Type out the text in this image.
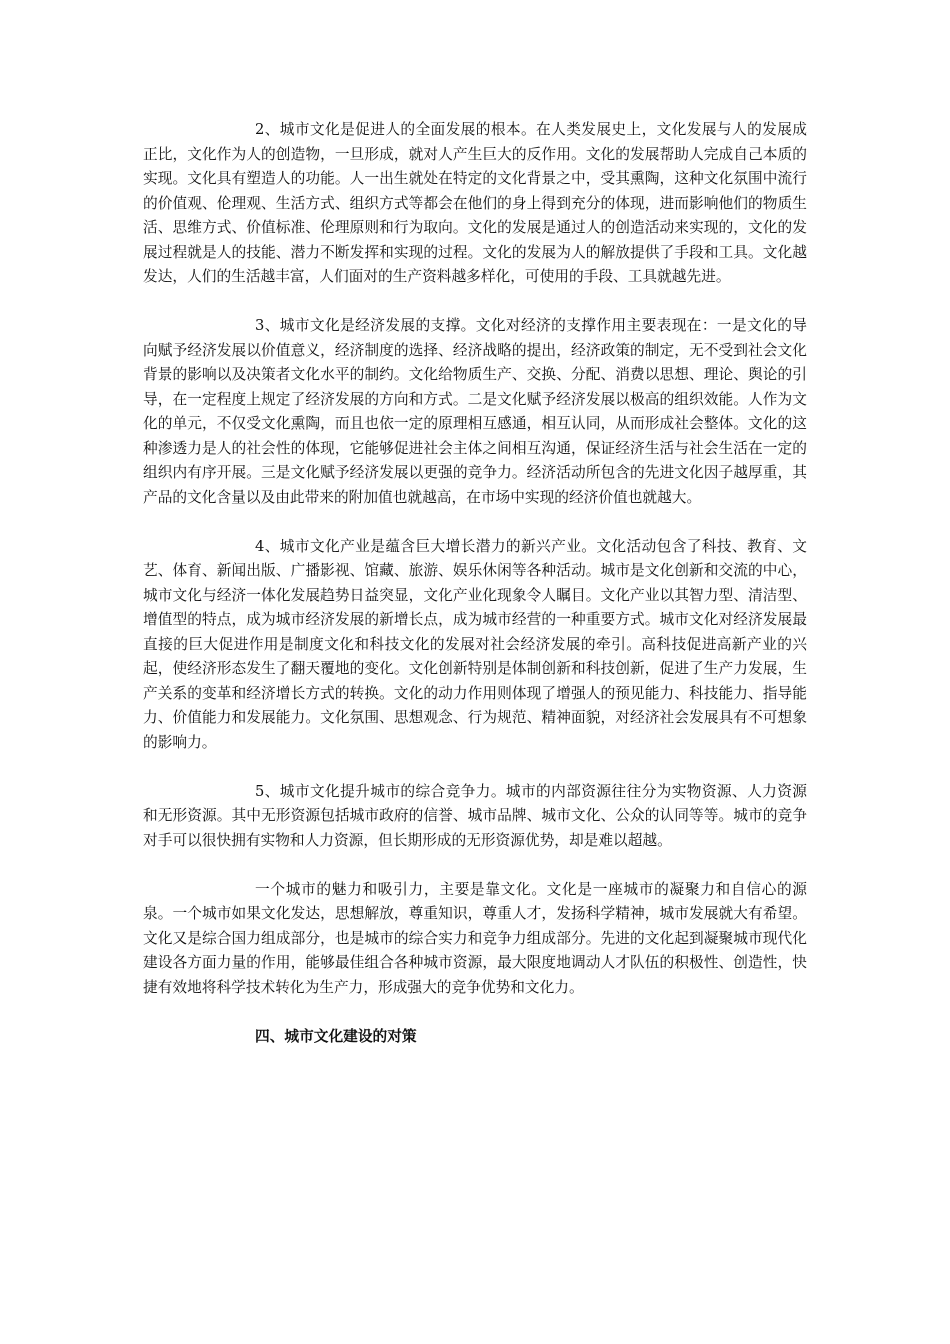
2、城市文化是促进人的全面发展的根本。在人类发展史上，文化发展与人的发展成正比，文化作为人的创造物，一旦形成，就对人产生巨大的反作用。文化的发展帮助人完成自己本质的实现。文化具有塑造人的功能。人一出生就处在特定的文化背景之中，受其熏陶，这种文化氛围中流行的价值观、伦理观、生活方式、组织方式等都会在他们的身上得到充分的体现，进而影响他们的物质生活、思维方式、价值标准、伦理原则和行为取向。文化的发展是通过人的创造活动来实现的，文化的发展过程就是人的技能、潜力不断发挥和实现的过程。文化的发展为人的解放提供了手段和工具。文化越发达，人们的生活越丰富，人们面对的生产资料越多样化，可使用的手段、工具就越先进。

3、城市文化是经济发展的支撑。文化对经济的支撑作用主要表现在：一是文化的导向赋予经济发展以价值意义，经济制度的选择、经济战略的提出，经济政策的制定，无不受到社会文化背景的影响以及决策者文化水平的制约。文化给物质生产、交换、分配、消费以思想、理论、舆论的引导，在一定程度上规定了经济发展的方向和方式。二是文化赋予经济发展以极高的组织效能。人作为文化的单元，不仅受文化熏陶，而且也依一定的原理相互感通，相互认同，从而形成社会整体。文化的这种渗透力是人的社会性的体现，它能够促进社会主体之间相互沟通，保证经济生活与社会生活在一定的组织内有序开展。三是文化赋予经济发展以更强的竞争力。经济活动所包含的先进文化因子越厚重，其产品的文化含量以及由此带来的附加值也就越高，在市场中实现的经济价值也就越大。

4、城市文化产业是蕴含巨大增长潜力的新兴产业。文化活动包含了科技、教育、文艺、体育、新闻出版、广播影视、馆藏、旅游、娱乐休闲等各种活动。城市是文化创新和交流的中心，城市文化与经济一体化发展趋势日益突显，文化产业化现象令人瞩目。文化产业以其智力型、清洁型、增值型的特点，成为城市经济发展的新增长点，成为城市经营的一种重要方式。城市文化对经济发展最直接的巨大促进作用是制度文化和科技文化的发展对社会经济发展的牵引。高科技促进高新产业的兴起，使经济形态发生了翻天覆地的变化。文化创新特别是体制创新和科技创新，促进了生产力发展，生产关系的变革和经济增长方式的转换。文化的动力作用则体现了增强人的预见能力、科技能力、指导能力、价值能力和发展能力。文化氛围、思想观念、行为规范、精神面貌，对经济社会发展具有不可想象的影响力。

5、城市文化提升城市的综合竞争力。城市的内部资源往往分为实物资源、人力资源和无形资源。其中无形资源包括城市政府的信誉、城市品牌、城市文化、公众的认同等等。城市的竞争对手可以很快拥有实物和人力资源，但长期形成的无形资源优势，却是难以超越。

一个城市的魅力和吸引力，主要是靠文化。文化是一座城市的凝聚力和自信心的源泉。一个城市如果文化发达，思想解放，尊重知识，尊重人才，发扬科学精神，城市发展就大有希望。文化又是综合国力组成部分，也是城市的综合实力和竞争力组成部分。先进的文化起到凝聚城市现代化建设各方面力量的作用，能够最佳组合各种城市资源，最大限度地调动人才队伍的积极性、创造性，快捷有效地将科学技术转化为生产力，形成强大的竞争优势和文化力。

四、城市文化建设的对策
